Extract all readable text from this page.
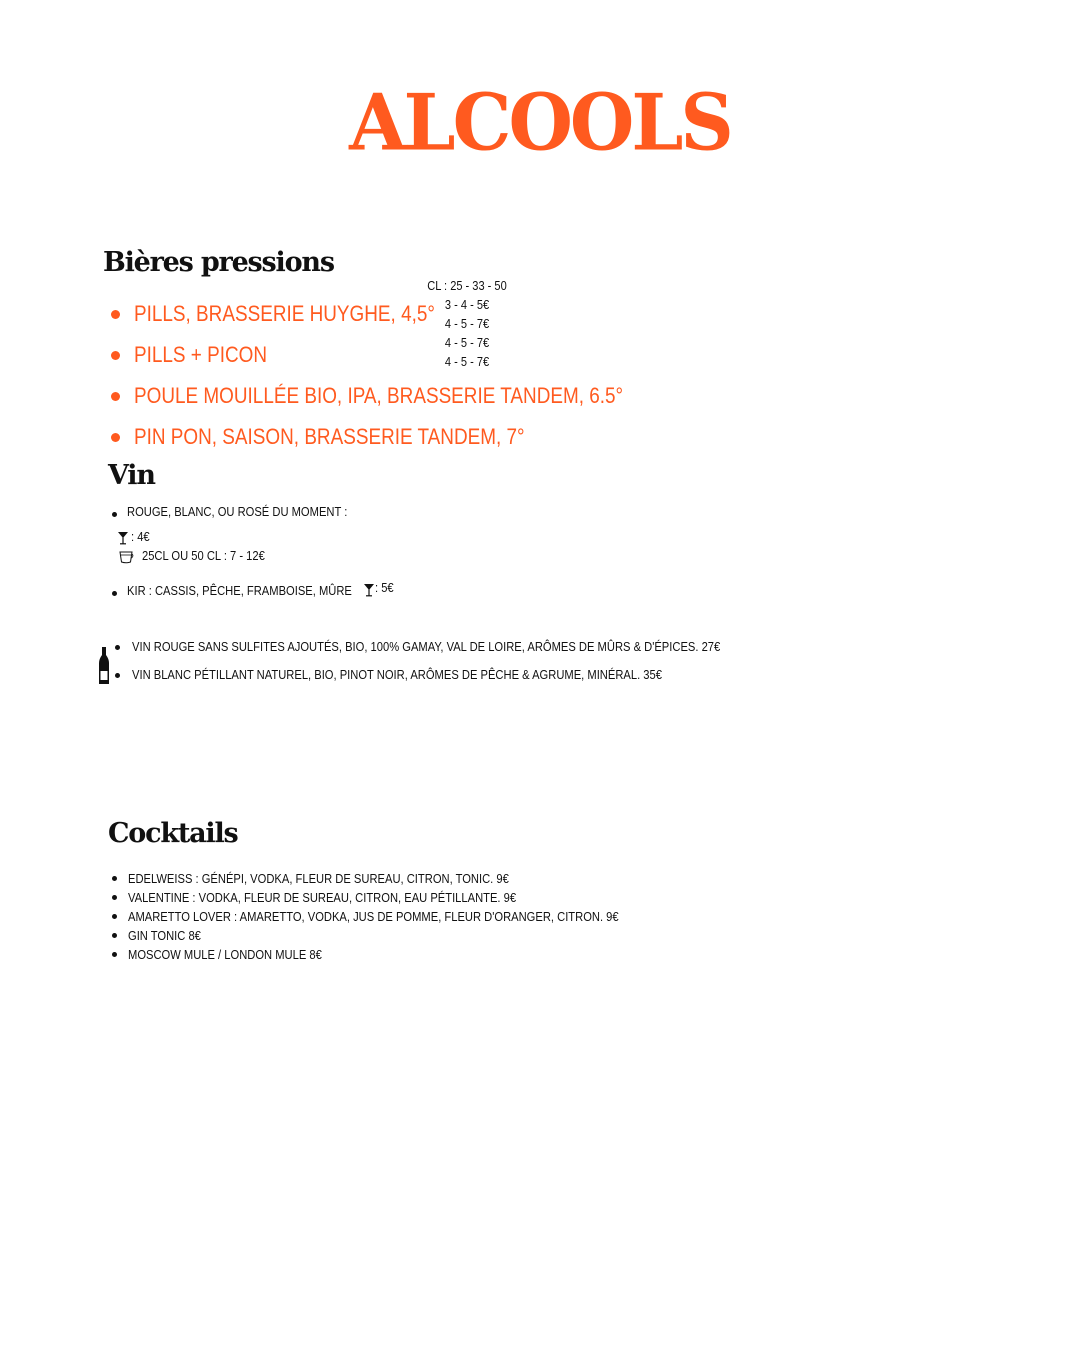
ALCOOLS
Bières pressions
CL : 25 - 33 - 50
3 - 4 - 5€
4 - 5 - 7€
4 - 5 - 7€
4 - 5 - 7€
PILLS, BRASSERIE HUYGHE, 4,5°
PILLS + PICON
POULE MOUILLÉE BIO, IPA, BRASSERIE TANDEM, 6.5°
PIN PON, SAISON, BRASSERIE TANDEM, 7°
Vin
ROUGE, BLANC, OU ROSÉ DU MOMENT :
: 4€
25CL OU 50 CL : 7 - 12€
KIR : CASSIS, PÊCHE, FRAMBOISE, MÛRE	: 5€
VIN ROUGE SANS SULFITES AJOUTÉS, BIO, 100% GAMAY, VAL DE LOIRE, ARÔMES DE MÛRS & D'ÉPICES. 27€
VIN BLANC PÉTILLANT NATUREL, BIO, PINOT NOIR, ARÔMES DE PÊCHE & AGRUME, MINÉRAL. 35€
Cocktails
EDELWEISS : GÉNÉPI, VODKA, FLEUR DE SUREAU, CITRON, TONIC. 9€
VALENTINE : VODKA, FLEUR DE SUREAU, CITRON, EAU PÉTILLANTE. 9€
AMARETTO LOVER : AMARETTO, VODKA, JUS DE POMME, FLEUR D'ORANGER, CITRON. 9€
GIN TONIC 8€
MOSCOW MULE / LONDON MULE 8€
